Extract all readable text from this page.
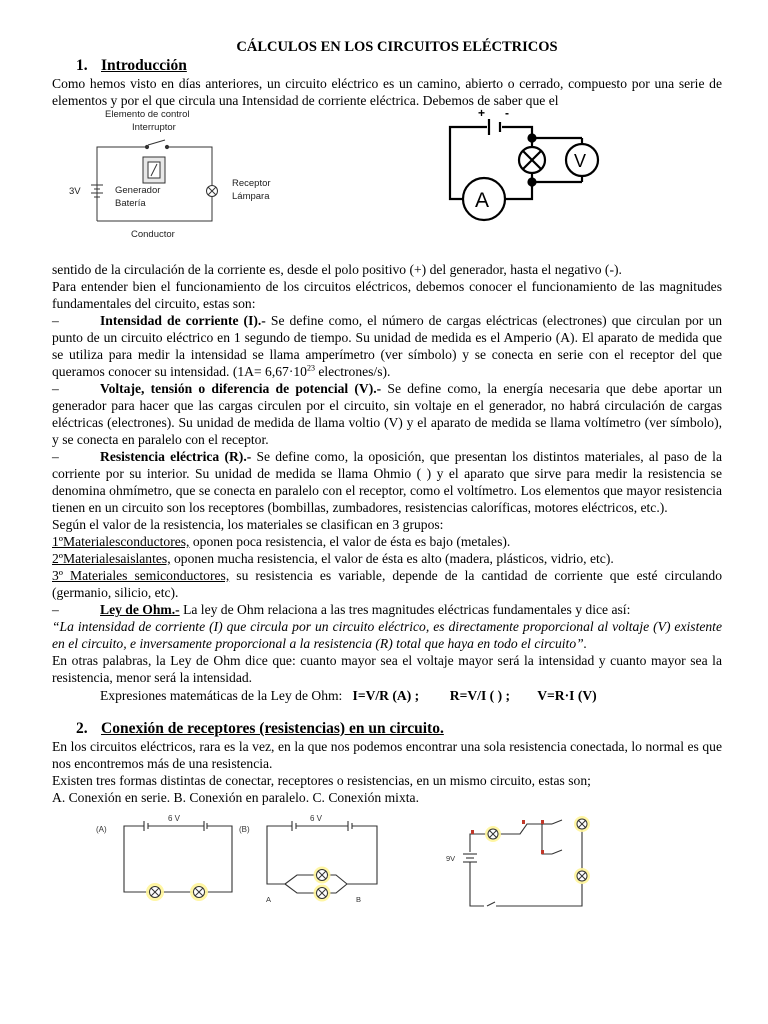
CÁLCULOS EN LOS CIRCUITOS ELÉCTRICOS
1. Introducción

Como hemos visto en días anteriores, un circuito eléctrico es un camino, abierto o cerrado, compuesto por una serie de elementos y por el que circula una Intensidad de corriente eléctrica. Debemos de saber que el

Elemento de control
Interruptor
3V	Generador
Batería
Receptor
Lámpara
Conductor
+ -
A
V

sentido de la circulación de la corriente es, desde el polo positivo (+) del generador, hasta el negativo (-).

Para entender bien el funcionamiento de los circuitos eléctricos, debemos conocer el funcionamiento de las magnitudes fundamentales del circuito, estas son:

–	Intensidad de corriente (I).- Se define como, el número de cargas eléctricas (electrones) que circulan por un punto de un circuito eléctrico en 1 segundo de tiempo. Su unidad de medida es el Amperio (A). El aparato de medida que se utiliza para medir la intensidad se llama amperímetro (ver símbolo) y se conecta en serie con el receptor del que queramos conocer su intensidad. ($1A= 6,67\cdot 10^{23}$ electrones/s).

–	Voltaje, tensión o diferencia de potencial (V).- Se define como, la energía necesaria que debe aportar un generador para hacer que las cargas circulen por el circuito, sin voltaje en el generador, no habrá circulación de cargas eléctricas (electrones). Su unidad de medida de llama voltio (V) y el aparato de medida se llama voltímetro (ver símbolo), y se conecta en paralelo con el receptor.

–	Resistencia eléctrica (R).- Se define como, la oposición, que presentan los distintos materiales, al paso de la corriente por su interior. Su unidad de medida se llama Ohmio ( ) y el aparato que sirve para medir la resistencia se denomina ohmímetro, que se conecta en paralelo con el receptor, como el voltímetro. Los elementos que mayor resistencia tienen en un circuito son los receptores (bombillas, zumbadores, resistencias caloríficas, motores eléctricos, etc.).

Según el valor de la resistencia, los materiales se clasifican en 3 grupos:

1ºMaterialesconductores, oponen poca resistencia, el valor de ésta es bajo (metales).

2ºMaterialesaislantes, oponen mucha resistencia, el valor de ésta es alto (madera, plásticos, vidrio, etc).

3º Materiales semiconductores, su resistencia es variable, depende de la cantidad de corriente que esté circulando (germanio, silicio, etc).

–	Ley de Ohm.- La ley de Ohm relaciona a las tres magnitudes eléctricas fundamentales y dice así:

“La intensidad de corriente (I) que circula por un circuito eléctrico, es directamente proporcional al voltaje (V) existente en el circuito, e inversamente proporcional a la resistencia (R) total que haya en todo el circuito”.

En otras palabras, la Ley de Ohm dice que: cuanto mayor sea el voltaje mayor será la intensidad y cuanto mayor sea la resistencia, menor será la intensidad.

Expresiones matemáticas de la Ley de Ohm: I=V/R (A) ; R=V/I ( ) ; V=R·I (V)

2. Conexión de receptores (resistencias) en un circuito.

En los circuitos eléctricos, rara es la vez, en la que nos podemos encontrar una sola resistencia conectada, lo normal es que nos encontremos más de una resistencia.

Existen tres formas distintas de conectar, receptores o resistencias, en un mismo circuito, estas son;

A. Conexión en serie. B. Conexión en paralelo. C. Conexión mixta.

(A)
6 V
(B)
6 V
A	B
9V
